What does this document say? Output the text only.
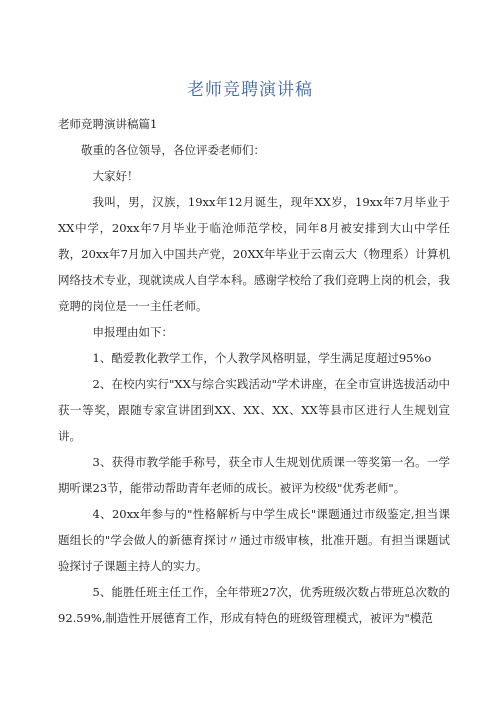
老师竞聘演讲稿

老师竞聘演讲稿篇1

敬重的各位领导，各位评委老师们：

大家好！

我叫，男，汉族，19xx年12月诞生，现年XX岁，19xx年7月毕业于XX中学，20xx年7月毕业于临沧师范学校，同年8月被安排到大山中学任教，20xx年7月加入中国共产党，20XX年毕业于云南云大（物理系）计算机网络技术专业，现就读成人自学本科。感谢学校给了我们竞聘上岗的机会，我竞聘的岗位是一一主任老师。

申报理由如下：

1、酷爱教化教学工作，个人教学风格明显，学生满足度超过95%o

2、在校内实行"XX与综合实践活动"学术讲座，在全市宣讲选拔活动中获一等奖，跟随专家宣讲团到XX、XX、XX、XX等县市区进行人生规划宣讲。

3、获得市教学能手称号，获全市人生规划优质课一等奖第一名。一学期听课23节，能带动帮助青年老师的成长。被评为校级"优秀老师"。

4、20xx年参与的"性格解析与中学生成长"课题通过市级鉴定,担当课题组长的"学会做人的新德育探讨〃通过市级审核，批准开题。有担当课题试验探讨子课题主持人的实力。

5、能胜任班主任工作，全年带班27次，优秀班级次数占带班总次数的92.59%,制造性开展德育工作，形成有特色的班级管理模式，被评为"模范
